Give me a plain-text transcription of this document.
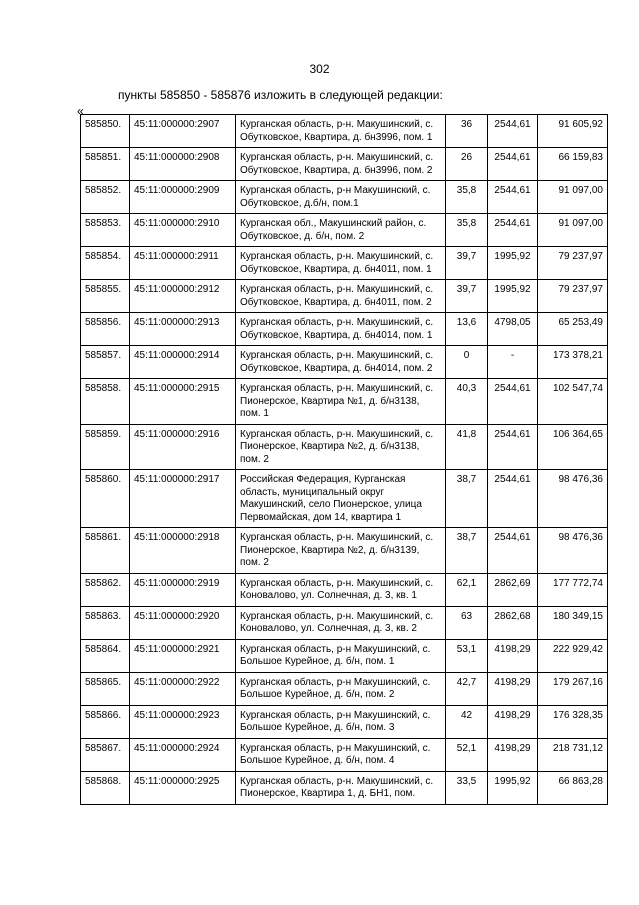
302
пункты 585850 - 585876 изложить в следующей редакции:
«
585850.	45:11:000000:2907	Курганская область, р-н. Макушинский, с. Обутковское, Квартира, д. бн3996, пом. 1	36	2544,61	91 605,92
585851.	45:11:000000:2908	Курганская область, р-н. Макушинский, с. Обутковское, Квартира, д. бн3996, пом. 2	26	2544,61	66 159,83
585852.	45:11:000000:2909	Курганская область, р-н Макушинский, с. Обутковское, д.б/н, пом.1	35,8	2544,61	91 097,00
585853.	45:11:000000:2910	Курганская обл., Макушинский район, с. Обутковское, д. б/н, пом. 2	35,8	2544,61	91 097,00
585854.	45:11:000000:2911	Курганская область, р-н. Макушинский, с. Обутковское, Квартира, д. бн4011, пом. 1	39,7	1995,92	79 237,97
585855.	45:11:000000:2912	Курганская область, р-н. Макушинский, с. Обутковское, Квартира, д. бн4011, пом. 2	39,7	1995,92	79 237,97
585856.	45:11:000000:2913	Курганская область, р-н. Макушинский, с. Обутковское, Квартира, д. бн4014, пом. 1	13,6	4798,05	65 253,49
585857.	45:11:000000:2914	Курганская область, р-н. Макушинский, с. Обутковское, Квартира, д. бн4014, пом. 2	0	-	173 378,21
585858.	45:11:000000:2915	Курганская область, р-н. Макушинский, с. Пионерское, Квартира №1, д. б/н3138, пом. 1	40,3	2544,61	102 547,74
585859.	45:11:000000:2916	Курганская область, р-н. Макушинский, с. Пионерское, Квартира №2, д. б/н3138, пом. 2	41,8	2544,61	106 364,65
585860.	45:11:000000:2917	Российская Федерация, Курганская область, муниципальный округ Макушинский, село Пионерское, улица Первомайская, дом 14, квартира 1	38,7	2544,61	98 476,36
585861.	45:11:000000:2918	Курганская область, р-н. Макушинский, с. Пионерское, Квартира №2, д. б/н3139, пом. 2	38,7	2544,61	98 476,36
585862.	45:11:000000:2919	Курганская область, р-н. Макушинский, с. Коновалово, ул. Солнечная, д. 3, кв. 1	62,1	2862,69	177 772,74
585863.	45:11:000000:2920	Курганская область, р-н. Макушинский, с. Коновалово, ул. Солнечная, д. 3, кв. 2	63	2862,68	180 349,15
585864.	45:11:000000:2921	Курганская область, р-н Макушинский, с. Большое Курейное, д. б/н, пом. 1	53,1	4198,29	222 929,42
585865.	45:11:000000:2922	Курганская область, р-н Макушинский, с. Большое Курейное, д. б/н, пом. 2	42,7	4198,29	179 267,16
585866.	45:11:000000:2923	Курганская область, р-н Макушинский, с. Большое Курейное, д. б/н, пом. 3	42	4198,29	176 328,35
585867.	45:11:000000:2924	Курганская область, р-н Макушинский, с. Большое Курейное, д. б/н, пом. 4	52,1	4198,29	218 731,12
585868.	45:11:000000:2925	Курганская область, р-н. Макушинский, с. Пионерское, Квартира 1, д. БН1, пом.	33,5	1995,92	66 863,28
